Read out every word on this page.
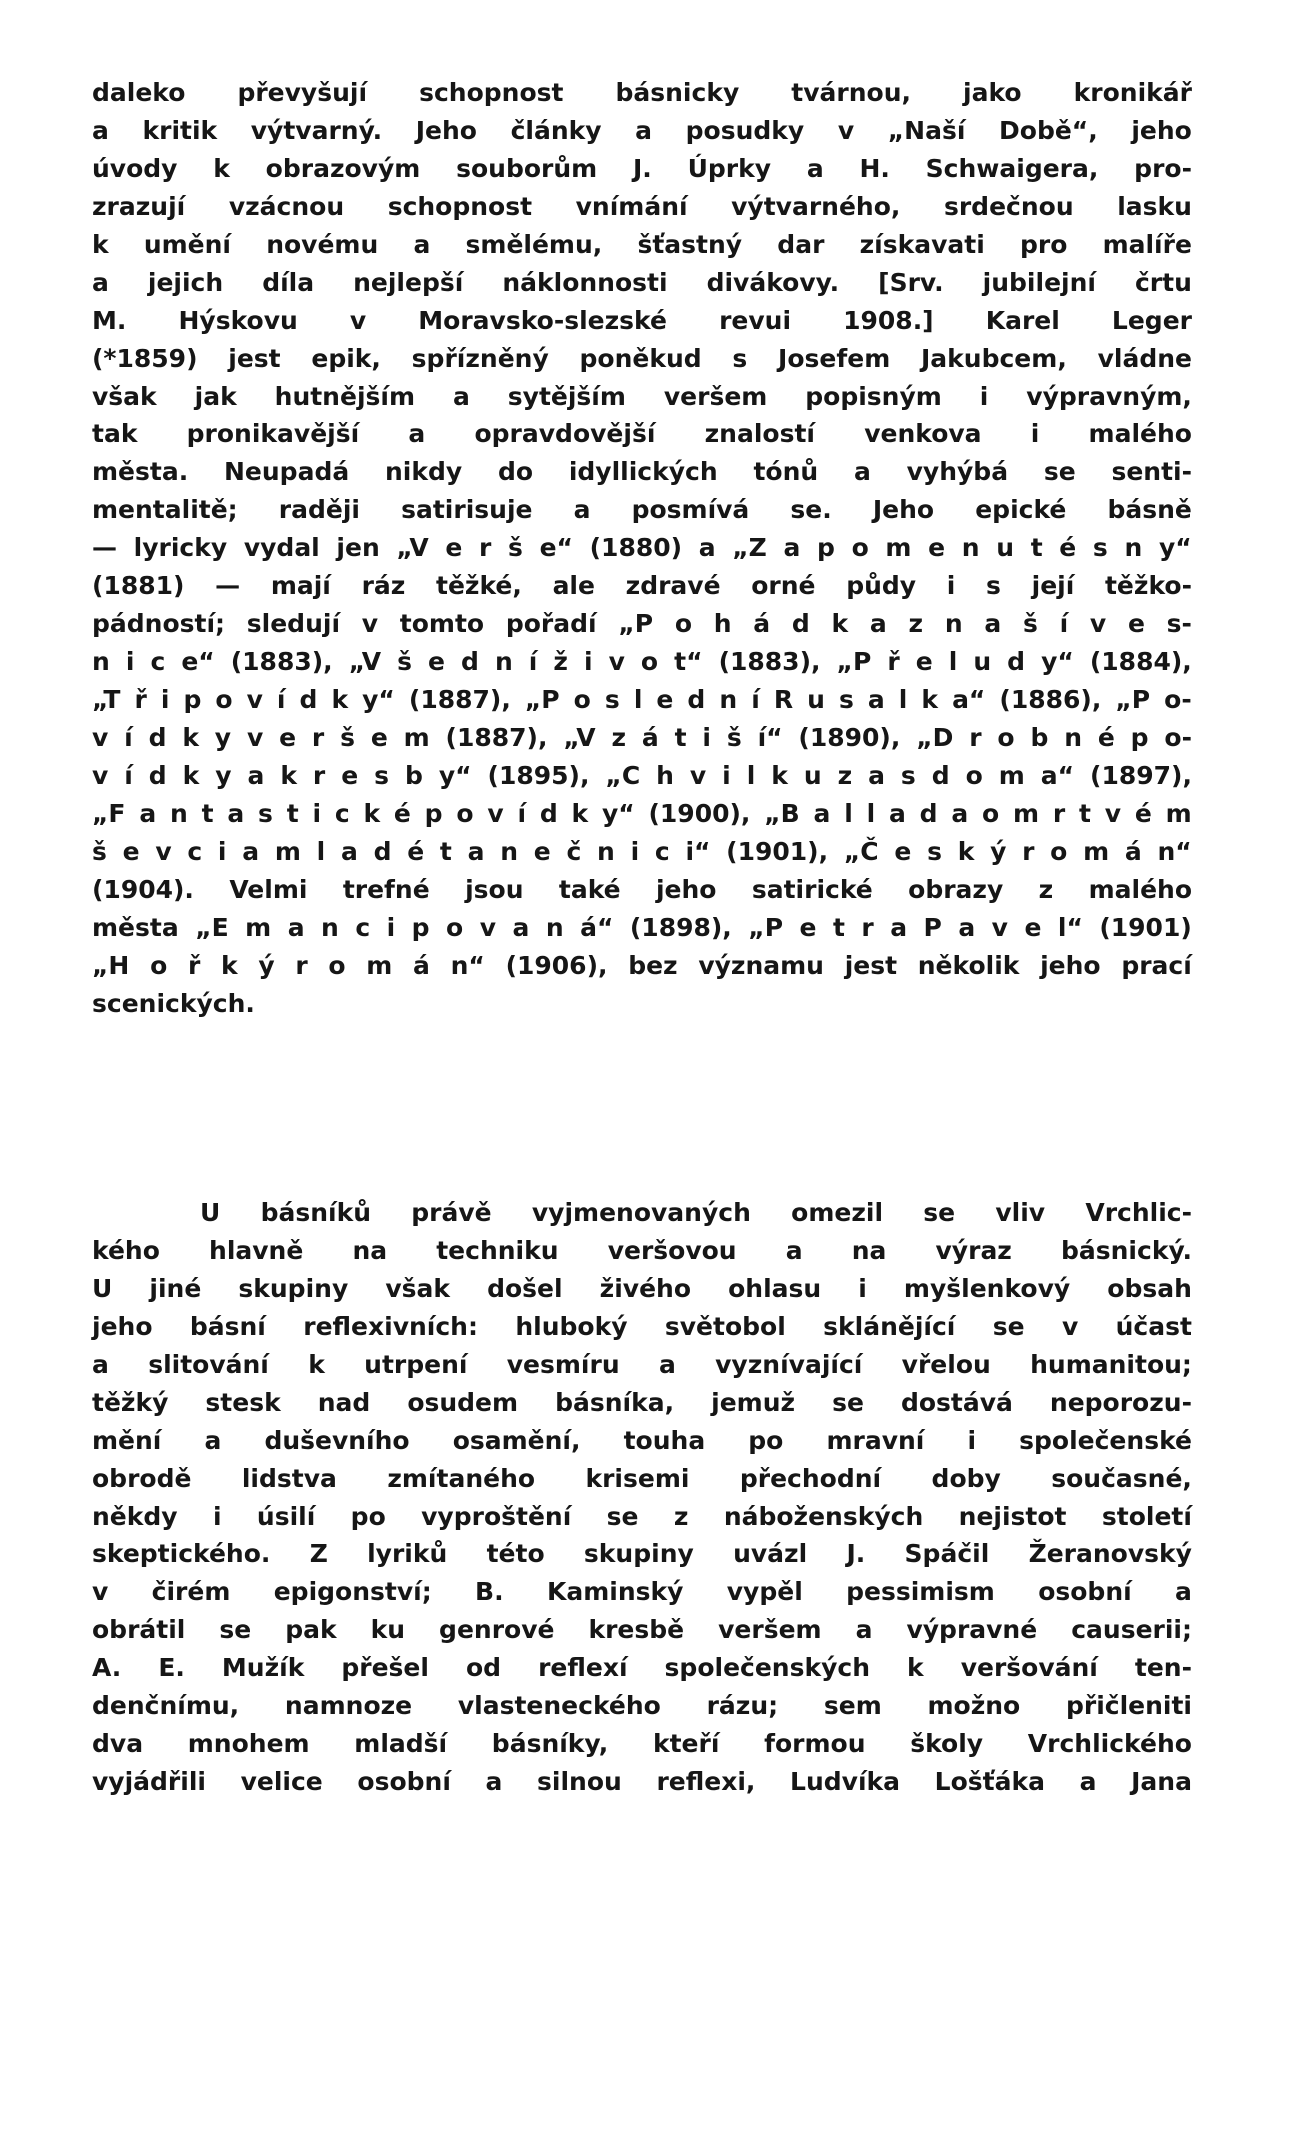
daleko převyšují schopnost básnicky tvárnou, jako kronikář
a kritik výtvarný. Jeho články a posudky v „Naší Době“, jeho
úvody k obrazovým souborům J. Úprky a H. Schwaigera, pro-
zrazují vzácnou schopnost vnímání výtvarného, srdečnou lasku
k umění novému a smělému, šťastný dar získavati pro malíře
a jejich díla nejlepší náklonnosti divákovy. [Srv. jubilejní črtu
M. Hýskovu v Moravsko-slezské revui 1908.] Karel Leger
(*1859) jest epik, spřízněný poněkud s Josefem Jakubcem, vládne
však jak hutnějším a sytějším veršem popisným i výpravným,
tak pronikavější a opravdovější znalostí venkova i malého
města. Neupadá nikdy do idyllických tónů a vyhýbá se senti-
mentalitě; raději satirisuje a posmívá se. Jeho epické básně
— lyricky vydal jen „V e r š e“ (1880) a „Z a p o m e n u t é s n y“
(1881) — mají ráz těžké, ale zdravé orné půdy i s její těžko-
pádností; sledují v tomto pořadí „P o h á d k a z n a š í v e s-
n i c e“ (1883), „V š e d n í ž i v o t“ (1883), „P ř e l u d y“ (1884),
„T ř i p o v í d k y“ (1887), „P o s l e d n í R u s a l k a“ (1886), „P o-
v í d k y v e r š e m (1887), „V z á t i š í“ (1890), „D r o b n é p o-
v í d k y a k r e s b y“ (1895), „C h v i l k u z a s d o m a“ (1897),
„F a n t a s t i c k é p o v í d k y“ (1900), „B a l l a d a o m r t v é m
š e v c i a m l a d é t a n e č n i c i“ (1901), „Č e s k ý r o m á n“
(1904). Velmi trefné jsou také jeho satirické obrazy z malého
města „E m a n c i p o v a n á“ (1898), „P e t r a P a v e l“ (1901)
„H o ř k ý r o m á n“ (1906), bez významu jest několik jeho prací
scenických.
U básníků právě vyjmenovaných omezil se vliv Vrchlic-
kého hlavně na techniku veršovou a na výraz básnický.
U jiné skupiny však došel živého ohlasu i myšlenkový obsah
jeho básní reflexivních: hluboký světobol sklánějící se v účast
a slitování k utrpení vesmíru a vyznívající vřelou humanitou;
těžký stesk nad osudem básníka, jemuž se dostává neporozu-
mění a duševního osamění, touha po mravní i společenské
obrodě lidstva zmítaného krisemi přechodní doby současné,
někdy i úsilí po vyproštění se z náboženských nejistot století
skeptického. Z lyriků této skupiny uvázl J. Spáčil Žeranovský
v čirém epigonství; B. Kaminský vypěl pessimism osobní a
obrátil se pak ku genrové kresbě veršem a výpravné causerii;
A. E. Mužík přešel od reflexí společenských k veršování ten-
denčnímu, namnoze vlasteneckého rázu; sem možno přičleniti
dva mnohem mladší básníky, kteří formou školy Vrchlického
vyjádřili velice osobní a silnou reflexi, Ludvíka Lošťáka a Jana
